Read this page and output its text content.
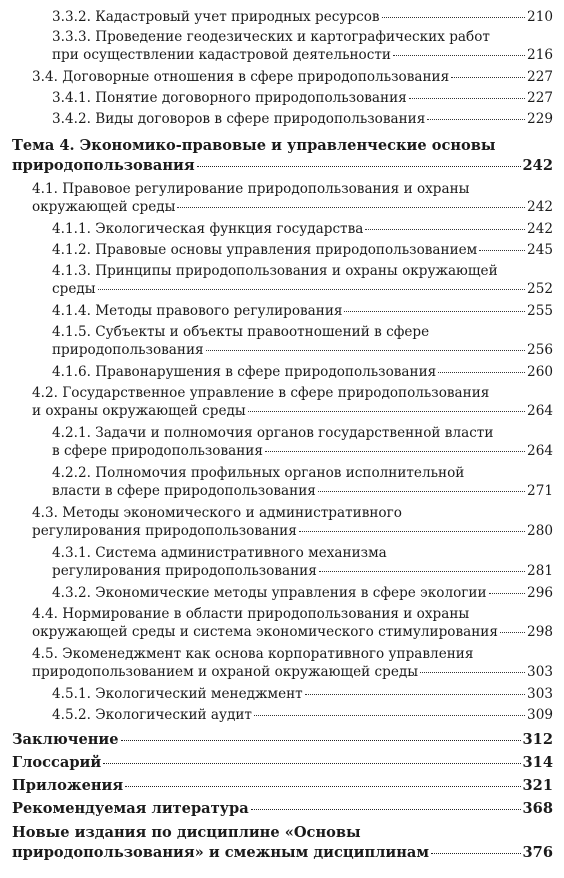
3.3.2. Кадастровый учет природных ресурсов	210
3.3.3. Проведение геодезических и картографических работ
при осуществлении кадастровой деятельности	216
3.4. Договорные отношения в сфере природопользования	227
3.4.1. Понятие договорного природопользования	227
3.4.2. Виды договоров в сфере природопользования	229
Тема 4. Экономико-правовые и управленческие основы
природопользования	242
4.1. Правовое регулирование природопользования и охраны
окружающей среды	242
4.1.1. Экологическая функция государства	242
4.1.2. Правовые основы управления природопользованием	245
4.1.3. Принципы природопользования и охраны окружающей
среды	252
4.1.4. Методы правового регулирования	255
4.1.5. Субъекты и объекты правоотношений в сфере
природопользования	256
4.1.6. Правонарушения в сфере природопользования	260
4.2. Государственное управление в сфере природопользования
и охраны окружающей среды	264
4.2.1. Задачи и полномочия органов государственной власти
в сфере природопользования	264
4.2.2. Полномочия профильных органов исполнительной
власти в сфере природопользования	271
4.3. Методы экономического и административного
регулирования природопользования	280
4.3.1. Система административного механизма
регулирования природопользования	281
4.3.2. Экономические методы управления в сфере экологии	296
4.4. Нормирование в области природопользования и охраны
окружающей среды и система экономического стимулирования 298
4.5. Экоменеджмент как основа корпоративного управления
природопользованием и охраной окружающей среды	303
4.5.1. Экологический менеджмент	303
4.5.2. Экологический аудит	309
Заключение	312
Глоссарий	314
Приложения	321
Рекомендуемая литература	368
Новые издания по дисциплине «Основы
природопользования» и смежным дисциплинам	376
